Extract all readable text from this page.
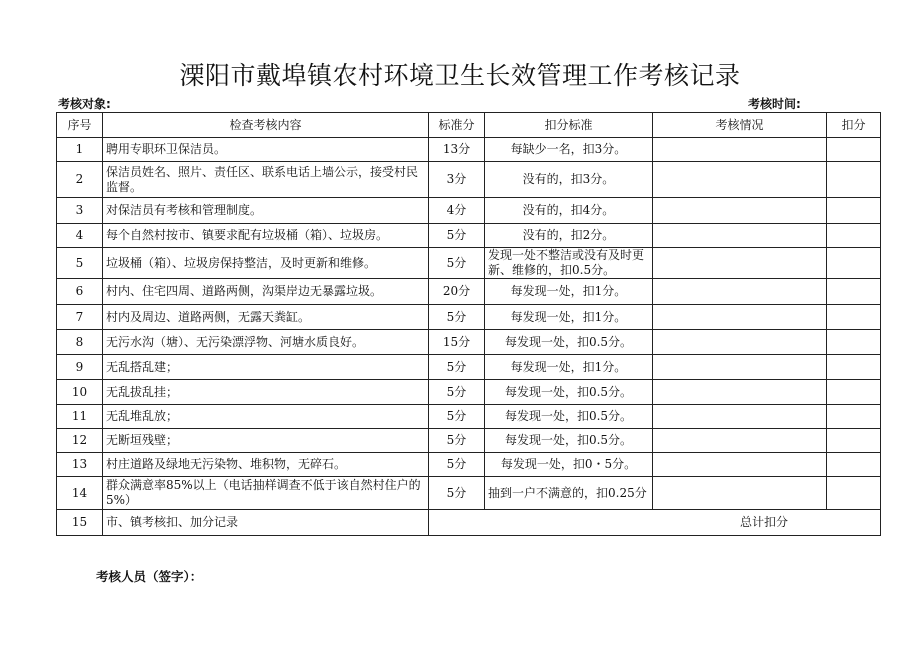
溧阳市戴埠镇农村环境卫生长效管理工作考核记录
考核对象:	考核时间:
序号	检查考核内容	标准分	扣分标准	考核情况	扣分
1	聘用专职环卫保洁员。	13分	每缺少一名，扣3分。		
2	保洁员姓名、照片、责任区、联系电话上墙公示，接受村民监督。	3分	没有的，扣3分。		
3	对保洁员有考核和管理制度。	4分	没有的，扣4分。		
4	每个自然村按市、镇要求配有垃圾桶（箱）、垃圾房。	5分	没有的，扣2分。		
5	垃圾桶（箱）、垃圾房保持整洁，及时更新和维修。	5分	发现一处不整洁或没有及时更新、维修的，扣0.5分。		
6	村内、住宅四周、道路两侧，沟渠岸边无暴露垃圾。	20分	每发现一处，扣1分。		
7	村内及周边、道路两侧，无露天粪缸。	5分	每发现一处，扣1分。		
8	无污水沟（塘）、无污染漂浮物、河塘水质良好。	15分	每发现一处，扣0.5分。		
9	无乱搭乱建；	5分	每发现一处，扣1分。		
10	无乱拔乱挂；	5分	每发现一处，扣0.5分。		
11	无乱堆乱放；	5分	每发现一处，扣0.5分。		
12	无断垣残壁；	5分	每发现一处，扣0.5分。		
13	村庄道路及绿地无污染物、堆积物，无碎石。	5分	每发现一处，扣0・5分。		
14	群众满意率85%以上（电话抽样调查不低于该自然村住户的5%）	5分	抽到一户不满意的，扣0.25分		
15	市、镇考核扣、加分记录	总计扣分			
考核人员（签字）：
